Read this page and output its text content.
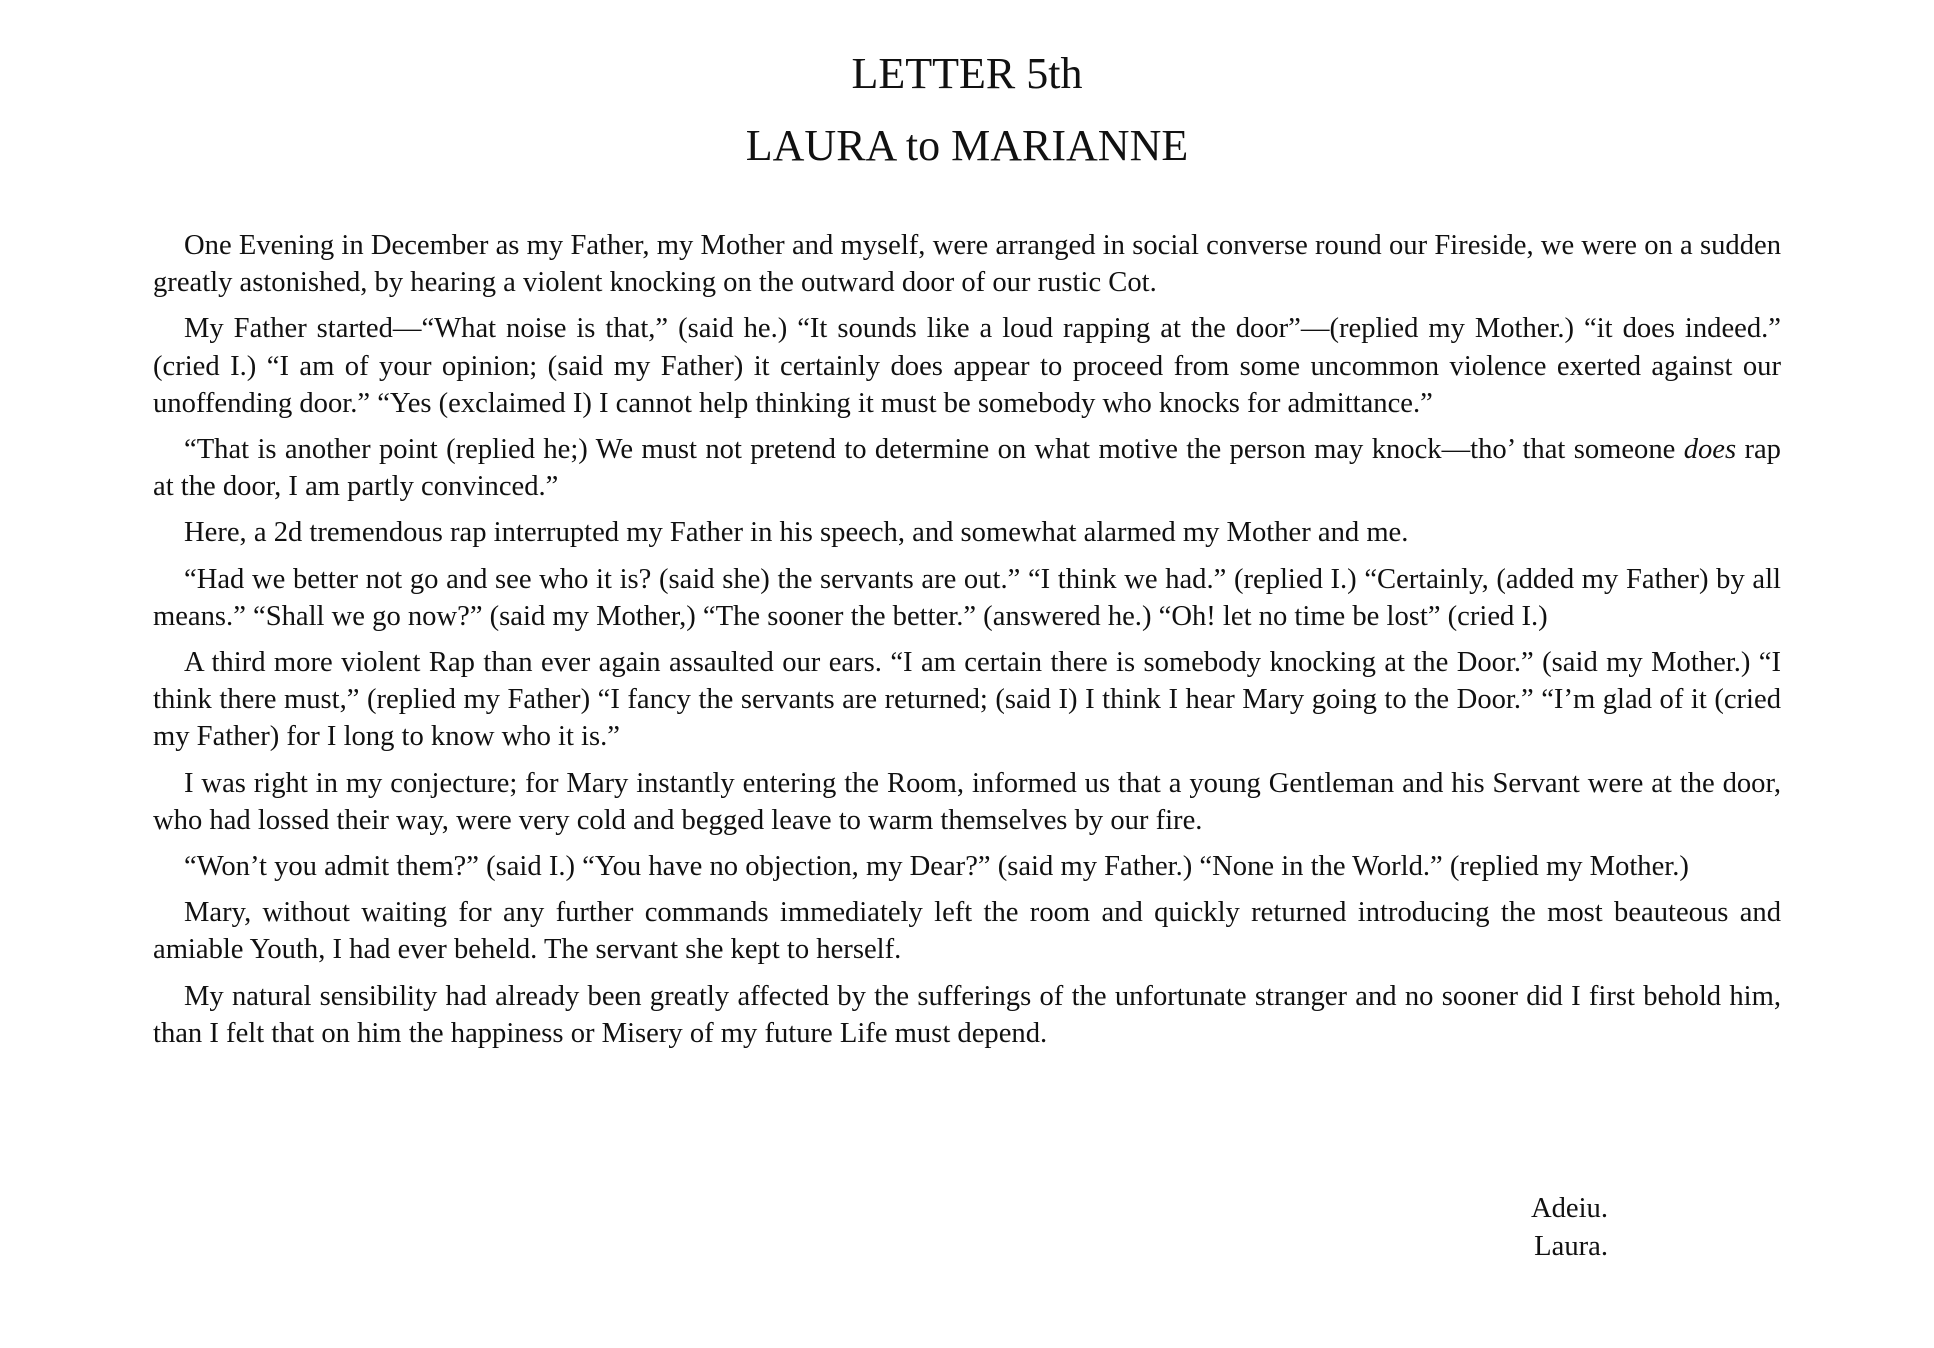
LETTER 5th
LAURA to MARIANNE

One Evening in December as my Father, my Mother and myself, were arranged in social converse round our Fireside, we were on a sudden greatly astonished, by hearing a violent knocking on the outward door of our rustic Cot.

My Father started—“What noise is that,” (said he.) “It sounds like a loud rapping at the door”—(replied my Mother.) “it does indeed.” (cried I.) “I am of your opinion; (said my Father) it certainly does appear to proceed from some uncommon violence exerted against our unoffending door.” “Yes (exclaimed I) I cannot help thinking it must be somebody who knocks for admittance.”

“That is another point (replied he;) We must not pretend to determine on what motive the person may knock—tho’ that someone does rap at the door, I am partly convinced.”

Here, a 2d tremendous rap interrupted my Father in his speech, and somewhat alarmed my Mother and me.

“Had we better not go and see who it is? (said she) the servants are out.” “I think we had.” (replied I.) “Certainly, (added my Father) by all means.” “Shall we go now?” (said my Mother,) “The sooner the better.” (answered he.) “Oh! let no time be lost” (cried I.)

A third more violent Rap than ever again assaulted our ears. “I am certain there is somebody knocking at the Door.” (said my Mother.) “I think there must,” (replied my Father) “I fancy the servants are returned; (said I) I think I hear Mary going to the Door.” “I’m glad of it (cried my Father) for I long to know who it is.”

I was right in my conjecture; for Mary instantly entering the Room, informed us that a young Gentleman and his Servant were at the door, who had lossed their way, were very cold and begged leave to warm themselves by our fire.

“Won’t you admit them?” (said I.) “You have no objection, my Dear?” (said my Father.) “None in the World.” (replied my Mother.)

Mary, without waiting for any further commands immediately left the room and quickly returned introducing the most beauteous and amiable Youth, I had ever beheld. The servant she kept to herself.

My natural sensibility had already been greatly affected by the sufferings of the unfortunate stranger and no sooner did I first behold him, than I felt that on him the happiness or Misery of my future Life must depend.

Adeiu.
Laura.
